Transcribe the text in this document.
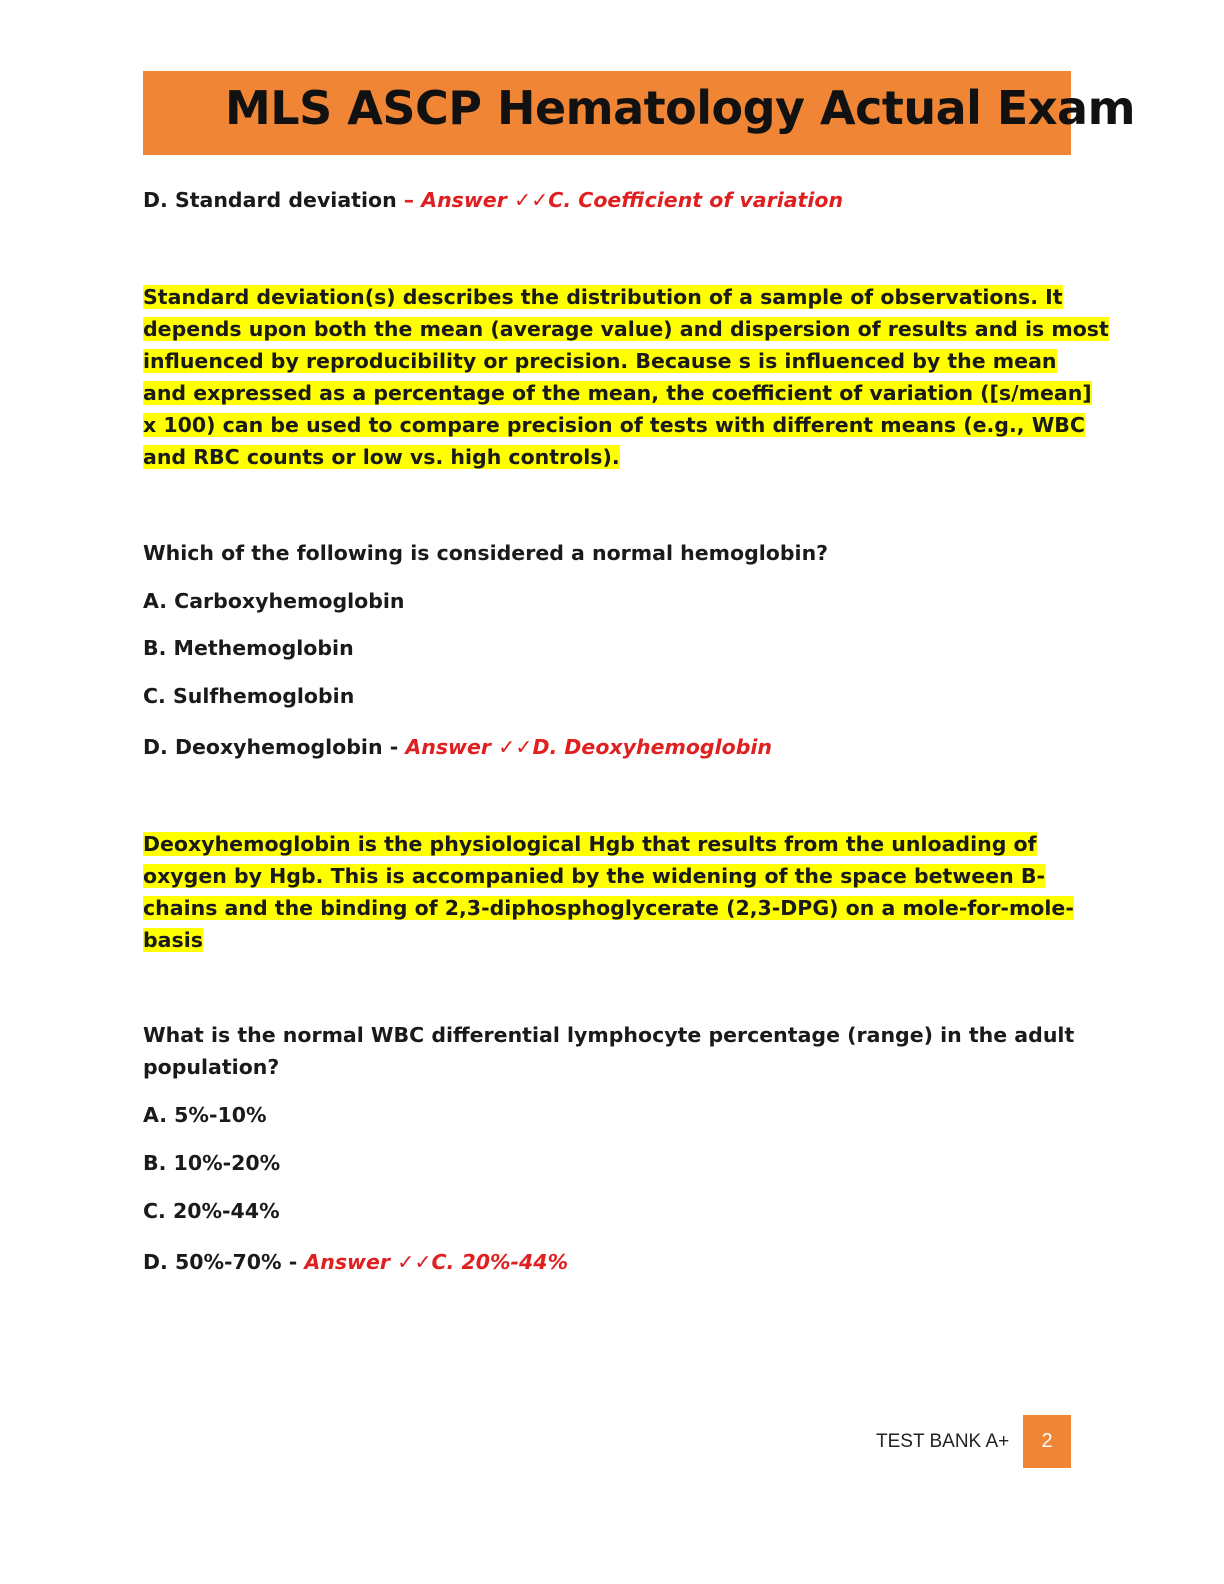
MLS ASCP Hematology Actual Exam
D. Standard deviation – Answer ✓✓C. Coefficient of variation
Standard deviation(s) describes the distribution of a sample of observations. It
depends upon both the mean (average value) and dispersion of results and is most
influenced by reproducibility or precision. Because s is influenced by the mean
and expressed as a percentage of the mean, the coefficient of variation ([s/mean]
x 100) can be used to compare precision of tests with different means (e.g., WBC
and RBC counts or low vs. high controls).
Which of the following is considered a normal hemoglobin?
A. Carboxyhemoglobin
B. Methemoglobin
C. Sulfhemoglobin
D. Deoxyhemoglobin - Answer ✓✓D. Deoxyhemoglobin
Deoxyhemoglobin is the physiological Hgb that results from the unloading of
oxygen by Hgb. This is accompanied by the widening of the space between B-
chains and the binding of 2,3-diphosphoglycerate (2,3-DPG) on a mole-for-mole-
basis
What is the normal WBC differential lymphocyte percentage (range) in the adult
population?
A. 5%-10%
B. 10%-20%
C. 20%-44%
D. 50%-70% - Answer ✓✓C. 20%-44%
TEST BANK A+	2
